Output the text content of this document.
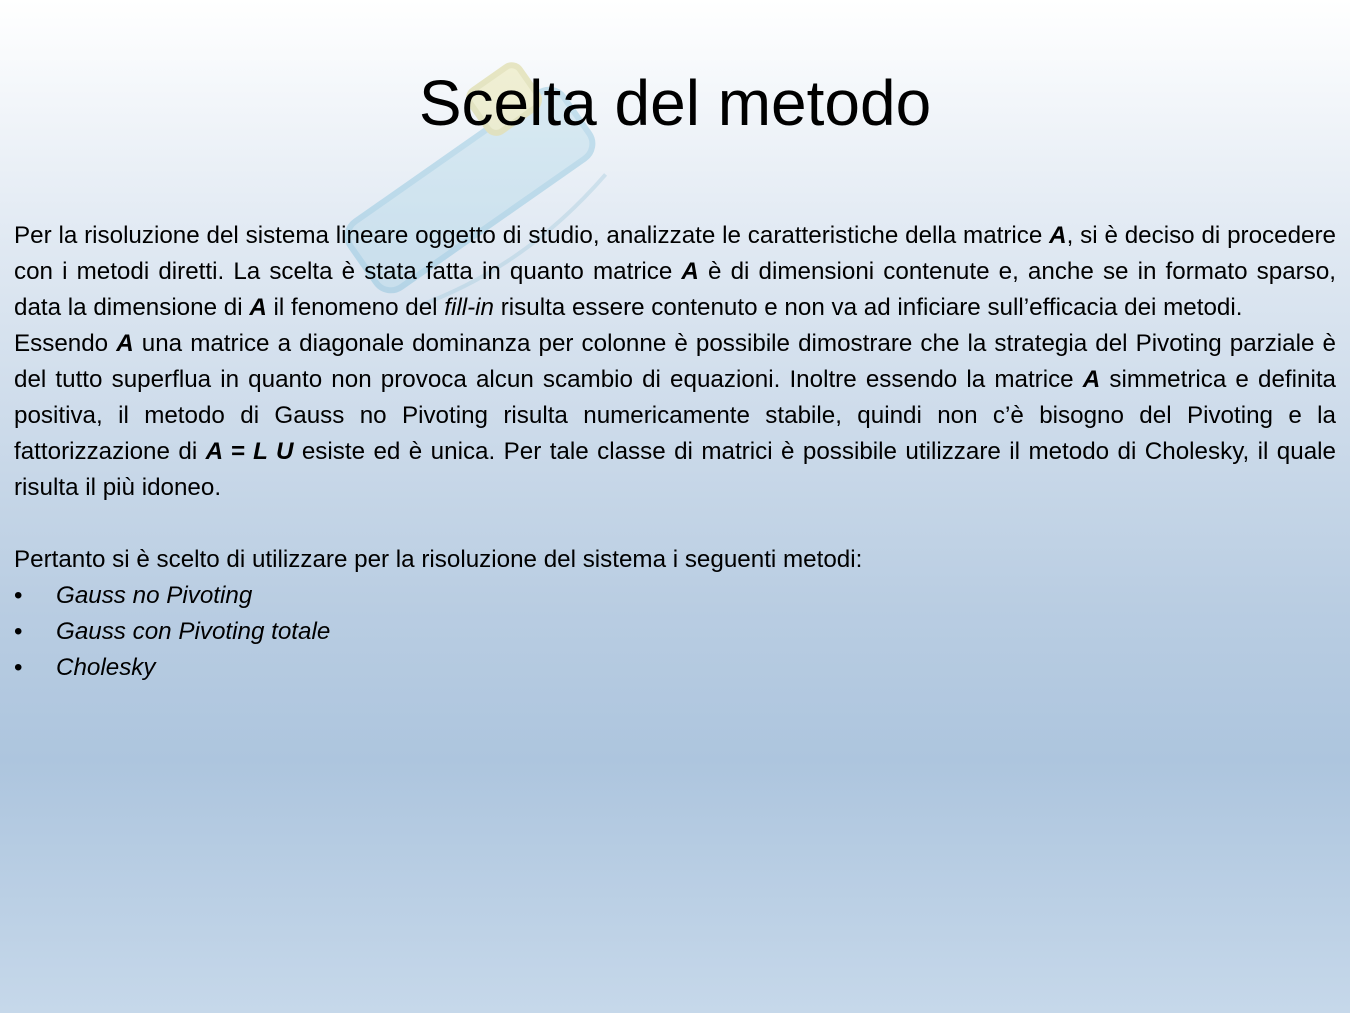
Scelta del metodo

Per la risoluzione del sistema lineare oggetto di studio, analizzate le caratteristiche della matrice A, si è deciso di procedere con i metodi diretti. La scelta è stata fatta in quanto matrice A è di dimensioni contenute e, anche se in formato sparso, data la dimensione di A il fenomeno del fill-in risulta essere contenuto e non va ad inficiare sull’efficacia dei metodi.

Essendo A una matrice a diagonale dominanza per colonne è possibile dimostrare che la strategia del Pivoting parziale è del tutto superflua in quanto non provoca alcun scambio di equazioni. Inoltre essendo la matrice A simmetrica e definita positiva, il metodo di Gauss no Pivoting risulta numericamente stabile, quindi non c’è bisogno del Pivoting e la fattorizzazione di A = L U esiste ed è unica. Per tale classe di matrici è possibile utilizzare il metodo di Cholesky, il quale risulta il più idoneo.

Pertanto si è scelto di utilizzare per la risoluzione del sistema i seguenti metodi:

• Gauss no Pivoting
• Gauss con Pivoting totale
• Cholesky
